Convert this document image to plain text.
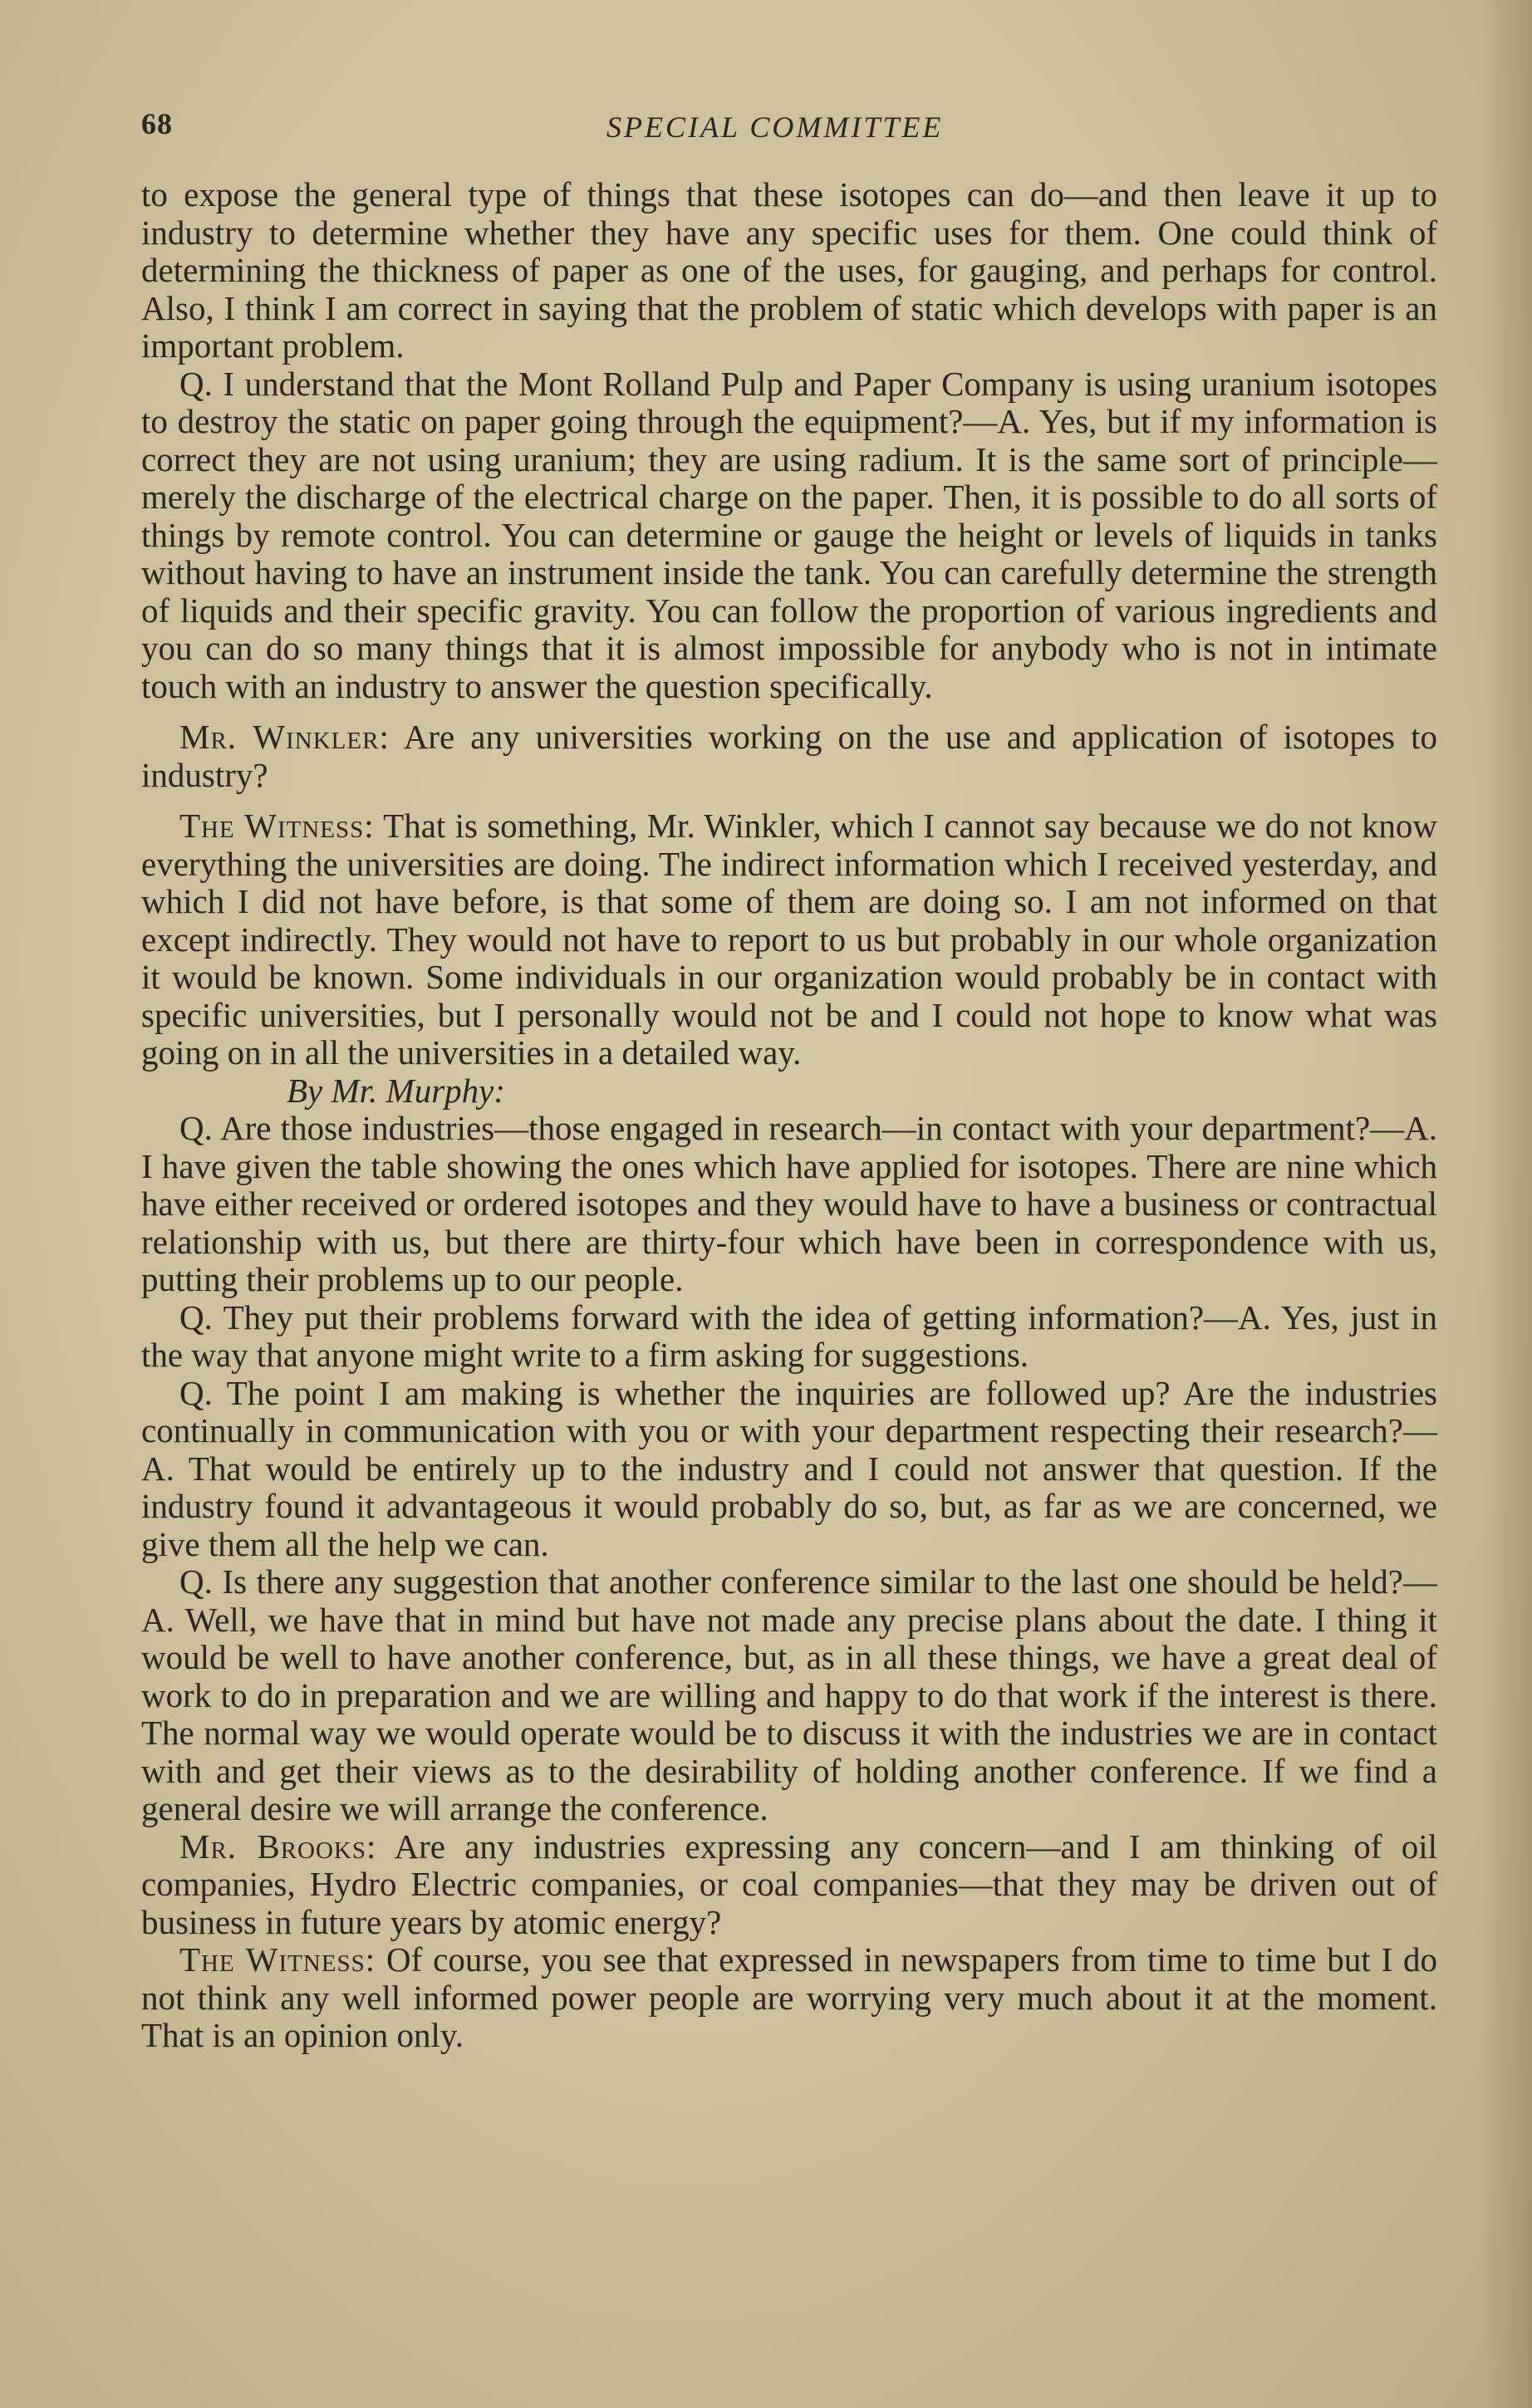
68	SPECIAL COMMITTEE

to expose the general type of things that these isotopes can do—and then leave it up to industry to determine whether they have any specific uses for them. One could think of determining the thickness of paper as one of the uses, for gauging, and perhaps for control. Also, I think I am correct in saying that the problem of static which develops with paper is an important problem.

Q. I understand that the Mont Rolland Pulp and Paper Company is using uranium isotopes to destroy the static on paper going through the equipment?—A. Yes, but if my information is correct they are not using uranium; they are using radium. It is the same sort of principle—merely the discharge of the electrical charge on the paper. Then, it is possible to do all sorts of things by remote control. You can determine or gauge the height or levels of liquids in tanks without having to have an instrument inside the tank. You can carefully determine the strength of liquids and their specific gravity. You can follow the proportion of various ingredients and you can do so many things that it is almost impossible for anybody who is not in intimate touch with an industry to answer the question specifically.

Mr. Winkler: Are any universities working on the use and application of isotopes to industry?

The Witness: That is something, Mr. Winkler, which I cannot say because we do not know everything the universities are doing. The indirect information which I received yesterday, and which I did not have before, is that some of them are doing so. I am not informed on that except indirectly. They would not have to report to us but probably in our whole organization it would be known. Some individuals in our organization would probably be in contact with specific universities, but I personally would not be and I could not hope to know what was going on in all the universities in a detailed way.

By Mr. Murphy:

Q. Are those industries—those engaged in research—in contact with your department?—A. I have given the table showing the ones which have applied for isotopes. There are nine which have either received or ordered isotopes and they would have to have a business or contractual relationship with us, but there are thirty-four which have been in correspondence with us, putting their problems up to our people.

Q. They put their problems forward with the idea of getting information?—A. Yes, just in the way that anyone might write to a firm asking for suggestions.

Q. The point I am making is whether the inquiries are followed up? Are the industries continually in communication with you or with your department respecting their research?—A. That would be entirely up to the industry and I could not answer that question. If the industry found it advantageous it would probably do so, but, as far as we are concerned, we give them all the help we can.

Q. Is there any suggestion that another conference similar to the last one should be held?—A. Well, we have that in mind but have not made any precise plans about the date. I thing it would be well to have another conference, but, as in all these things, we have a great deal of work to do in preparation and we are willing and happy to do that work if the interest is there. The normal way we would operate would be to discuss it with the industries we are in contact with and get their views as to the desirability of holding another conference. If we find a general desire we will arrange the conference.

Mr. Brooks: Are any industries expressing any concern—and I am thinking of oil companies, Hydro Electric companies, or coal companies—that they may be driven out of business in future years by atomic energy?

The Witness: Of course, you see that expressed in newspapers from time to time but I do not think any well informed power people are worrying very much about it at the moment. That is an opinion only.
